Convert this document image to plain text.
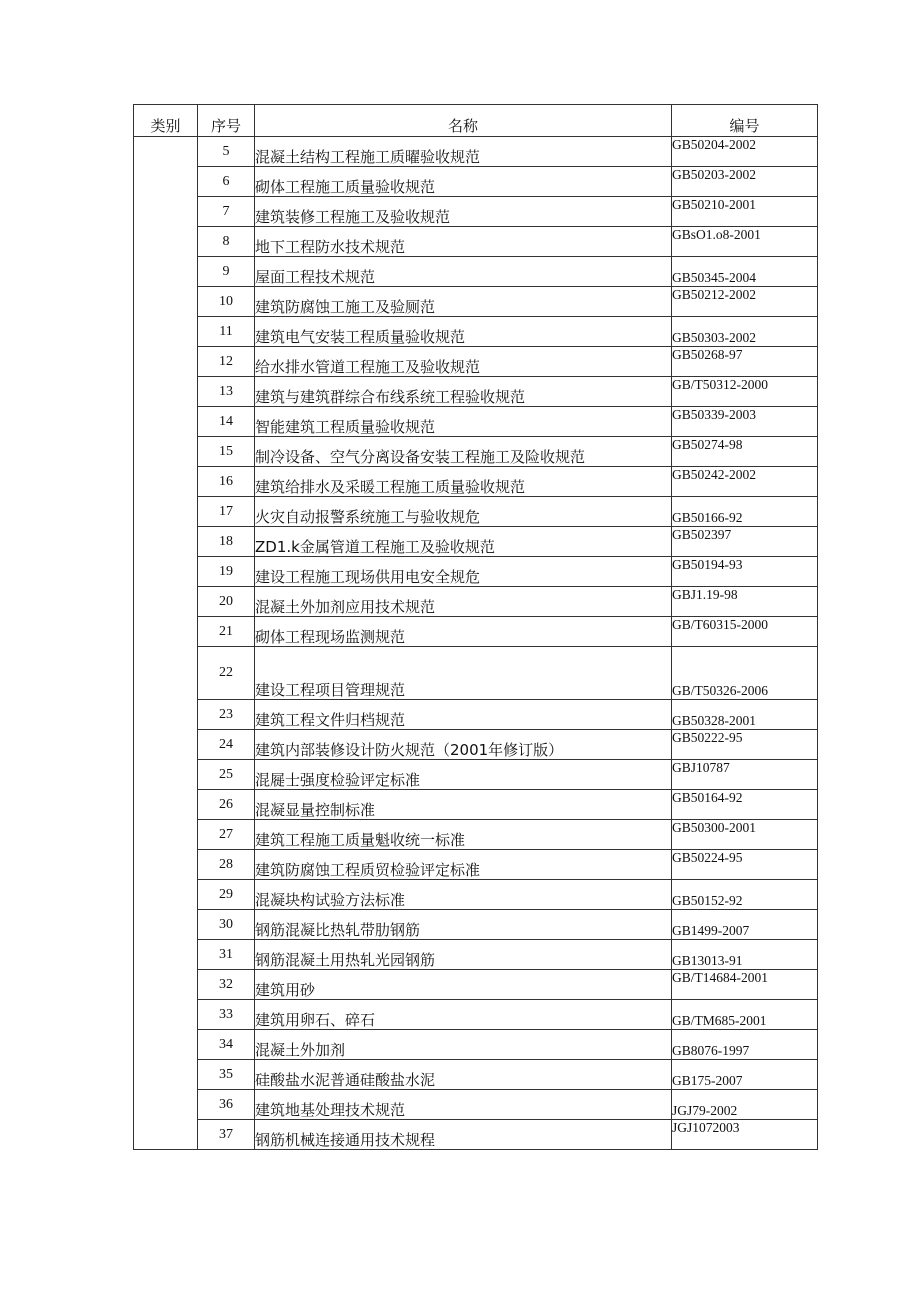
类别	序号	名称	编号
	5	混凝土结构工程施工质曜验收规范	GB50204-2002
	6	砌体工程施工质量验收规范	GB50203-2002
	7	建筑装修工程施工及验收规范	GB50210-2001
	8	地下工程防水技术规范	GBsO1.o8-2001
	9	屋面工程技术规范	GB50345-2004
	10	建筑防腐蚀工施工及验厕范	GB50212-2002
	11	建筑电气安装工程质量验收规范	GB50303-2002
	12	给水排水管道工程施工及验收规范	GB50268-97
	13	建筑与建筑群综合布线系统工程验收规范	GB/T50312-2000
	14	智能建筑工程质量验收规范	GB50339-2003
	15	制冷设备、空气分离设备安装工程施工及险收规范	GB50274-98
	16	建筑给排水及采暖工程施工质量验收规范	GB50242-2002
	17	火灾自动报警系统施工与验收规危	GB50166-92
	18	ZD1.k金属管道工程施工及验收规范	GB502397
	19	建设工程施工现场供用电安全规危	GB50194-93
	20	混凝土外加剂应用技术规范	GBJ1.19-98
	21	砌体工程现场监测规范	GB/T60315-2000
	22	建设工程项目管理规范	GB/T50326-2006
	23	建筑工程文件归档规范	GB50328-2001
	24	建筑内部装修设计防火规范（2001年修订版）	GB50222-95
	25	混屣士强度检验评定标准	GBJ10787
	26	混凝显量控制标准	GB50164-92
	27	建筑工程施工质量魁收统一标准	GB50300-2001
	28	建筑防腐蚀工程质贸检验评定标准	GB50224-95
	29	混凝块构试验方法标准	GB50152-92
	30	钢筋混凝比热轧带肋钢筋	GB1499-2007
	31	钢筋混凝土用热轧光园钢筋	GB13013-91
	32	建筑用砂	GB/T14684-2001
	33	建筑用卵石、碎石	GB/TM685-2001
	34	混凝土外加剂	GB8076-1997
	35	硅酸盐水泥普通硅酸盐水泥	GB175-2007
	36	建筑地基处理技术规范	JGJ79-2002
	37	钢筋机械连接通用技术规程	JGJ1072003
